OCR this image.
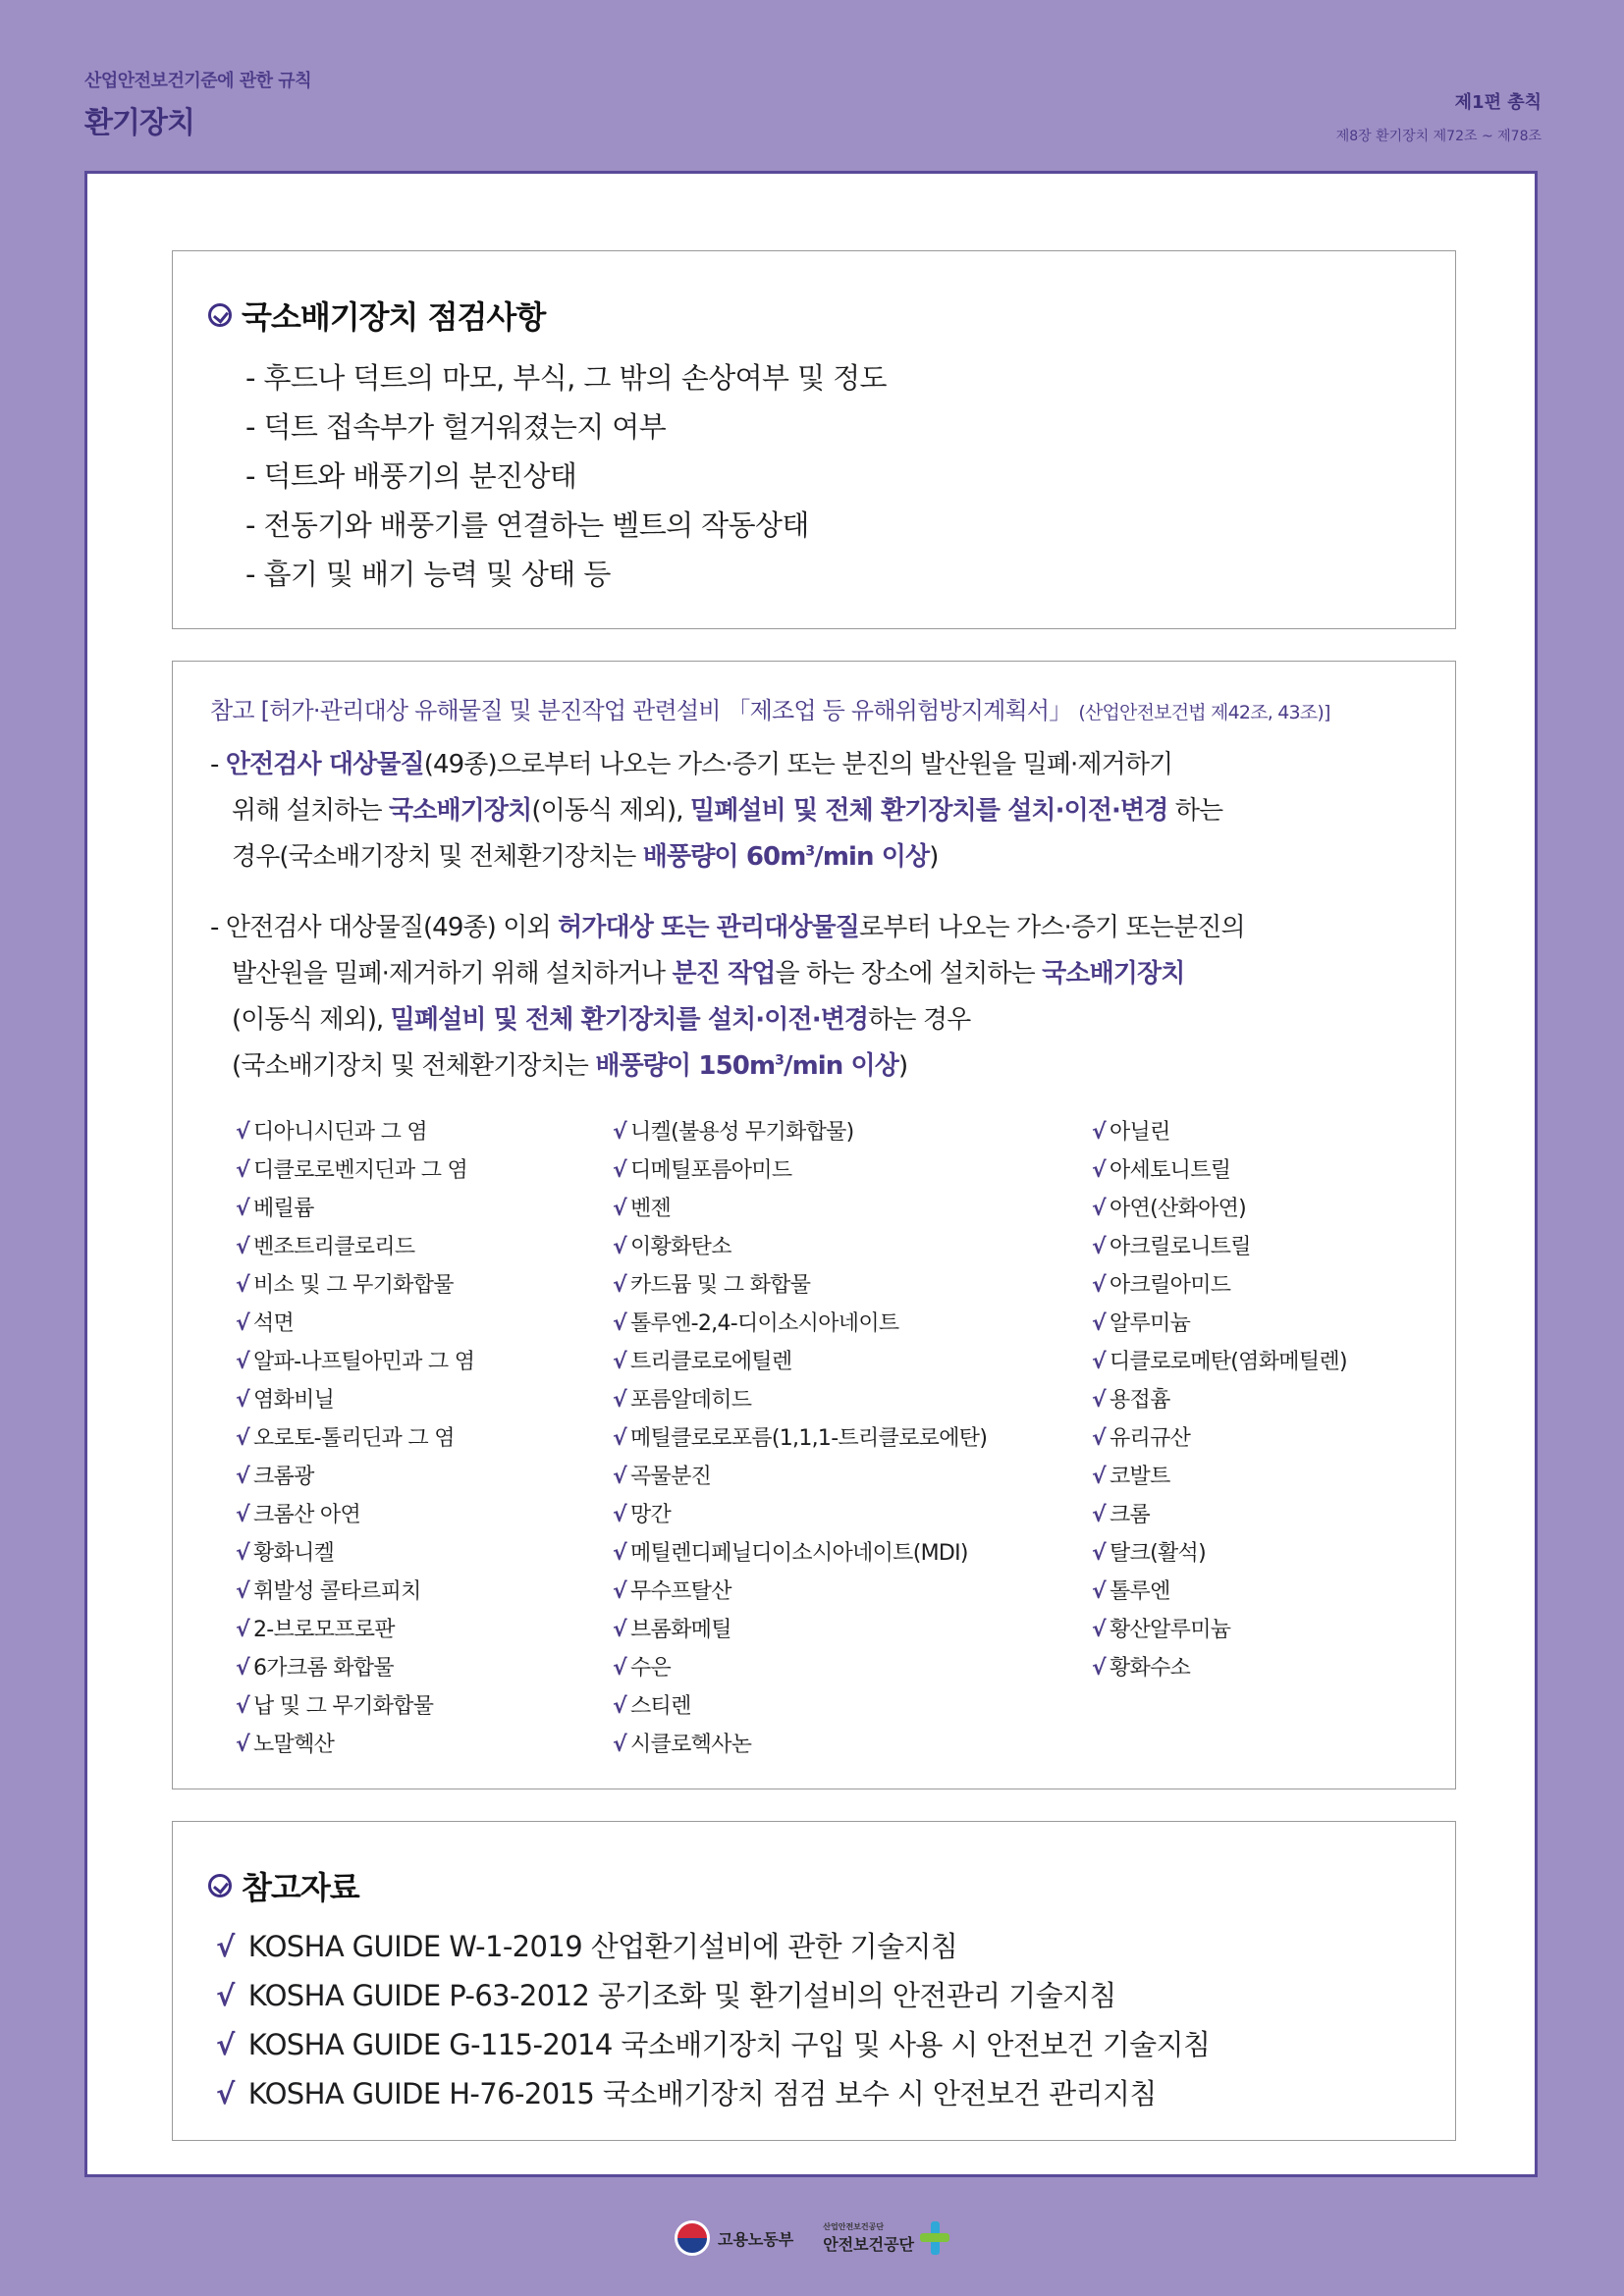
산업안전보건기준에 관한 규칙
환기장치
제1편 총칙
제8장 환기장치 제72조 ~ 제78조
국소배기장치 점검사항
- 후드나 덕트의 마모, 부식, 그 밖의 손상여부 및 정도
- 덕트 접속부가 헐거워졌는지 여부
- 덕트와 배풍기의 분진상태
- 전동기와 배풍기를 연결하는 벨트의 작동상태
- 흡기 및 배기 능력 및 상태 등
참고 [허가·관리대상 유해물질 및 분진작업 관련설비 「제조업 등 유해위험방지계획서」 (산업안전보건법 제42조, 43조)]
- 안전검사 대상물질(49종)으로부터 나오는 가스·증기 또는 분진의 발산원을 밀폐·제거하기
위해 설치하는 국소배기장치(이동식 제외), 밀폐설비 및 전체 환기장치를 설치·이전·변경 하는
경우(국소배기장치 및 전체환기장치는 배풍량이 $60m^3/\min$ 이상)
- 안전검사 대상물질(49종) 이외 허가대상 또는 관리대상물질로부터 나오는 가스·증기 또는분진의
발산원을 밀폐·제거하기 위해 설치하거나 분진 작업을 하는 장소에 설치하는 국소배기장치
(이동식 제외), 밀폐설비 및 전체 환기장치를 설치·이전·변경하는 경우
(국소배기장치 및 전체환기장치는 배풍량이 $150m^3/\min$ 이상)
√ 디아니시딘과 그 염
√ 디클로로벤지딘과 그 염
√ 베릴륨
√ 벤조트리클로리드
√ 비소 및 그 무기화합물
√ 석면
√ 알파-나프틸아민과 그 염
√ 염화비닐
√ 오로토-톨리딘과 그 염
√ 크롬광
√ 크롬산 아연
√ 황화니켈
√ 휘발성 콜타르피치
√ 2-브로모프로판
√ 6가크롬 화합물
√ 납 및 그 무기화합물
√ 노말헥산
√ 니켈(불용성 무기화합물)
√ 디메틸포름아미드
√ 벤젠
√ 이황화탄소
√ 카드뮴 및 그 화합물
√ 톨루엔-2,4-디이소시아네이트
√ 트리클로로에틸렌
√ 포름알데히드
√ 메틸클로로포름(1,1,1-트리클로로에탄)
√ 곡물분진
√ 망간
√ 메틸렌디페닐디이소시아네이트(MDI)
√ 무수프탈산
√ 브롬화메틸
√ 수은
√ 스티렌
√ 시클로헥사논
√ 아닐린
√ 아세토니트릴
√ 아연(산화아연)
√ 아크릴로니트릴
√ 아크릴아미드
√ 알루미늄
√ 디클로로메탄(염화메틸렌)
√ 용접흄
√ 유리규산
√ 코발트
√ 크롬
√ 탈크(활석)
√ 톨루엔
√ 황산알루미늄
√ 황화수소
참고자료
√ KOSHA GUIDE W-1-2019 산업환기설비에 관한 기술지침
√ KOSHA GUIDE P-63-2012 공기조화 및 환기설비의 안전관리 기술지침
√ KOSHA GUIDE G-115-2014 국소배기장치 구입 및 사용 시 안전보건 기술지침
√ KOSHA GUIDE H-76-2015 국소배기장치 점검 보수 시 안전보건 관리지침
고용노동부
산업안전보건공단
안전보건공단
